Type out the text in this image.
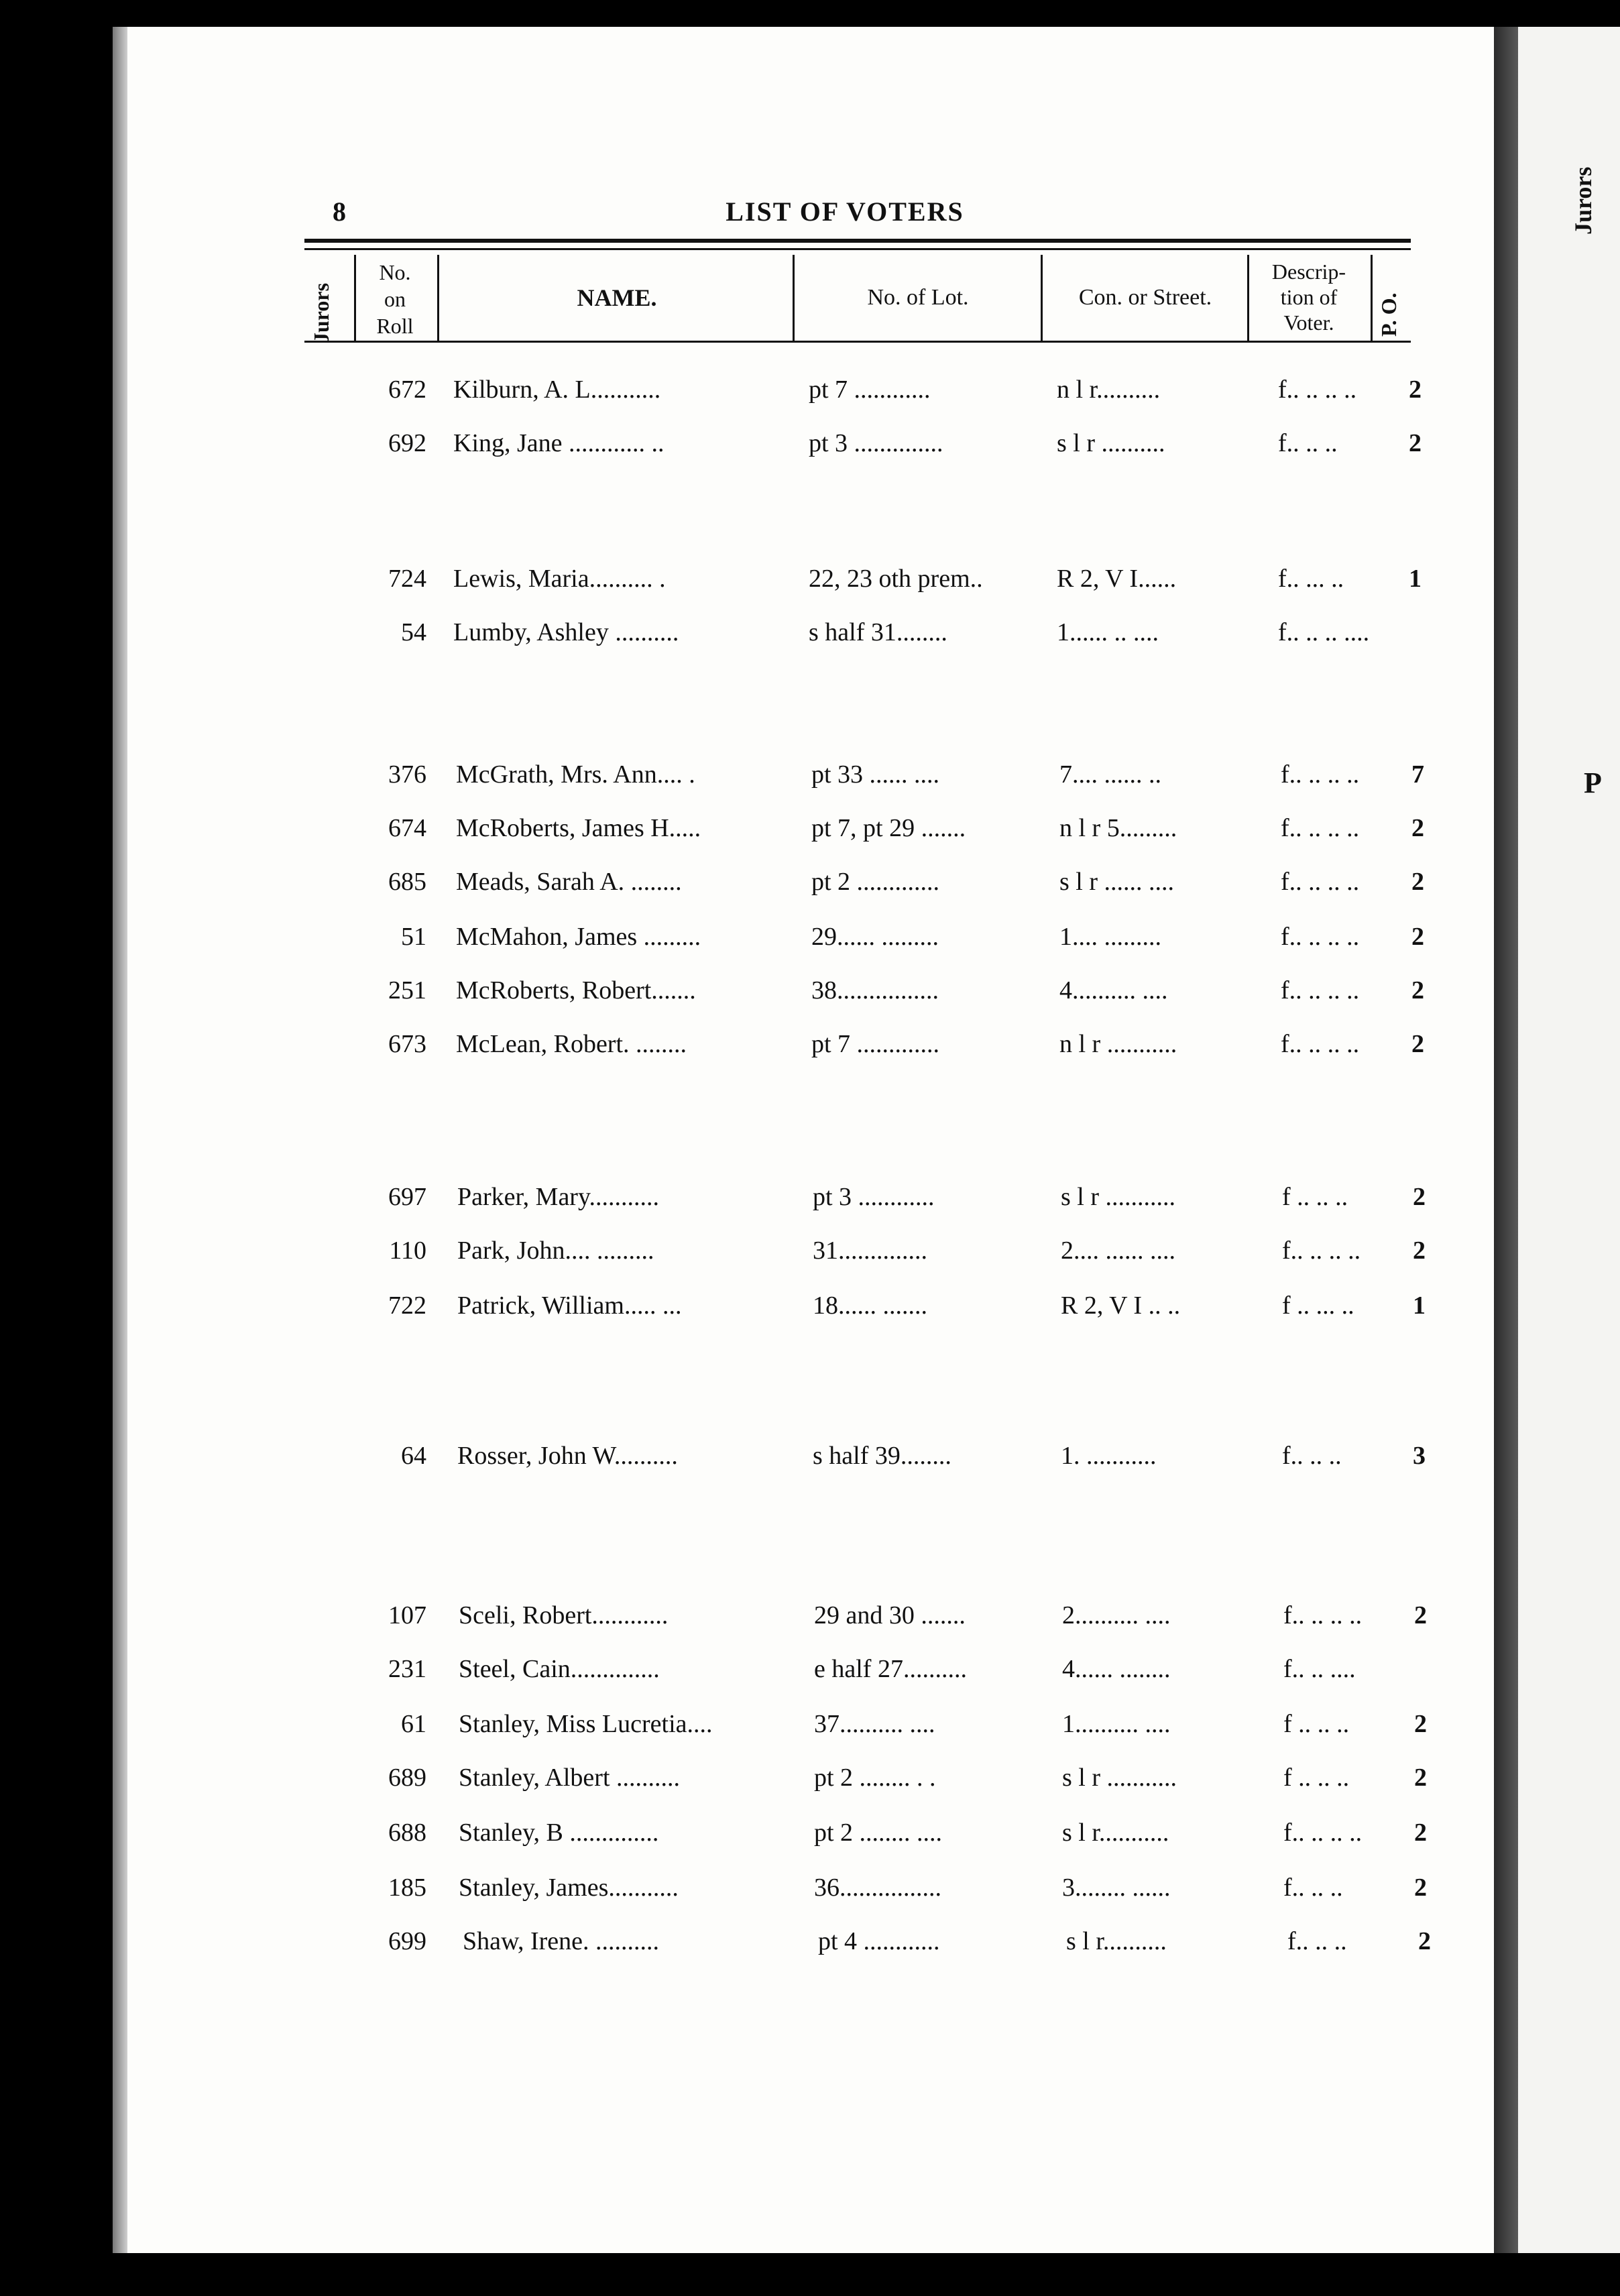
Jurors
P
8	LIST OF VOTERS
Jurors
No.
on
Roll
NAME.	No. of Lot.	Con. or Street.
Descrip-
tion of
Voter.	P. O.
672 Kilburn, A. L...........	pt 7 ............	n l r..........	f.. .. .. ..	2
692 King, Jane ............ ..	pt 3 ..............	s l r ..........	f.. .. ..	2
724 Lewis, Maria.......... .	22, 23 oth prem..	R 2, V I......	f.. ... ..	1
54 Lumby, Ashley ..........	s half 31........	1...... .. ....	f.. .. .. ....
376 McGrath, Mrs. Ann.... .	pt 33 ...... ....	7.... ...... ..	f.. .. .. ..	7
674 McRoberts, James H.....	pt 7, pt 29 .......	n l r 5.........	f.. .. .. ..	2
685 Meads, Sarah A. ........	pt 2 .............	s l r ...... ....	f.. .. .. ..	2
51 McMahon, James .........	29...... .........	1.... .........	f.. .. .. ..	2
251 McRoberts, Robert.......	38................	4.......... ....	f.. .. .. ..	2
673 McLean, Robert. ........	pt 7 .............	n l r ...........	f.. .. .. ..	2
697 Parker, Mary...........	pt 3 ............	s l r ...........	f .. .. ..	2
110 Park, John.... .........	31..............	2.... ...... ....	f.. .. .. ..	2
722 Patrick, William..... ...	18...... .......	R 2, V I .. ..	f .. ... ..	1
64 Rosser, John W..........	s half 39........	1. ...........	f.. .. ..	3
107 Sceli, Robert............	29 and 30 .......	2.......... ....	f.. .. .. ..	2
231 Steel, Cain..............	e half 27..........	4...... ........	f.. .. ....
61 Stanley, Miss Lucretia....	37.......... ....	1.......... ....	f .. .. ..	2
689 Stanley, Albert ..........	pt 2 ........ . .	s l r ...........	f .. .. ..	2
688 Stanley, B ..............	pt 2 ........ ....	s l r...........	f.. .. .. ..	2
185 Stanley, James...........	36................	3........ ......	f.. .. ..	2
699 Shaw, Irene. ..........	pt 4 ............	s l r..........	f.. .. ..	2
